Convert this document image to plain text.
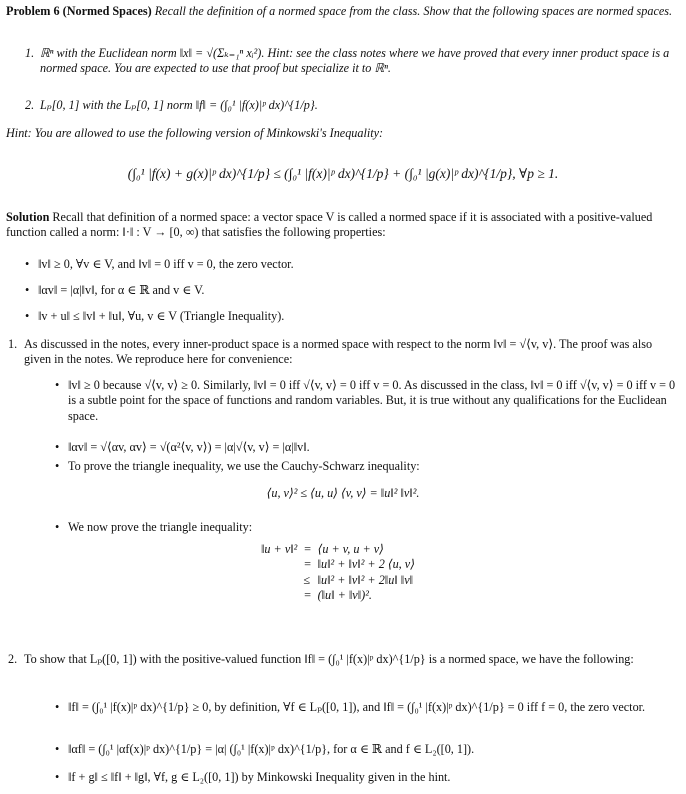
Problem 6 (Normed Spaces) Recall the definition of a normed space from the class. Show that the following spaces are normed spaces.
1. ℝⁿ with the Euclidean norm ‖x‖ = √(Σₖ₌₁ⁿ xᵢ²). Hint: see the class notes where we have proved that every inner product space is a normed space. You are expected to use that proof but specialize it to ℝⁿ.
2. Lₚ[0, 1] with the Lₚ[0, 1] norm ‖f‖ = (∫₀¹ |f(x)|ᵖ dx)^{1/p}.
Hint: You are allowed to use the following version of Minkowski's Inequality:
(∫₀¹ |f(x) + g(x)|ᵖ dx)^{1/p} ≤ (∫₀¹ |f(x)|ᵖ dx)^{1/p} + (∫₀¹ |g(x)|ᵖ dx)^{1/p}, ∀p ≥ 1.
Solution Recall that definition of a normed space: a vector space V is called a normed space if it is associated with a positive-valued function called a norm: ‖·‖ : V → [0, ∞) that satisfies the following properties:
• ‖v‖ ≥ 0, ∀v ∈ V, and ‖v‖ = 0 iff v = 0, the zero vector.
• ‖αv‖ = |α|‖v‖, for α ∈ ℝ and v ∈ V.
• ‖v + u‖ ≤ ‖v‖ + ‖u‖, ∀u, v ∈ V (Triangle Inequality).
1. As discussed in the notes, every inner-product space is a normed space with respect to the norm ‖v‖ = √⟨v, v⟩. The proof was also given in the notes. We reproduce here for convenience:
• ‖v‖ ≥ 0 because √⟨v, v⟩ ≥ 0. Similarly, ‖v‖ = 0 iff √⟨v, v⟩ = 0 iff v = 0. As discussed in the class, ‖v‖ = 0 iff √⟨v, v⟩ = 0 iff v = 0 is a subtle point for the space of functions and random variables. But, it is true without any qualifications for the Euclidean space.
• ‖αv‖ = √⟨αv, αv⟩ = √(α²⟨v, v⟩) = |α|√⟨v, v⟩ = |α|‖v‖.
• To prove the triangle inequality, we use the Cauchy-Schwarz inequality:
⟨u, v⟩² ≤ ⟨u, u⟩ ⟨v, v⟩ = ‖u‖² ‖v‖².
• We now prove the triangle inequality:
‖u + v‖²	=	⟨u + v, u + v⟩
	=	‖u‖² + ‖v‖² + 2 ⟨u, v⟩
	≤	‖u‖² + ‖v‖² + 2‖u‖ ‖v‖
	=	(‖u‖ + ‖v‖)².
2. To show that Lₚ([0, 1]) with the positive-valued function ‖f‖ = (∫₀¹ |f(x)|ᵖ dx)^{1/p} is a normed space, we have the following:
• ‖f‖ = (∫₀¹ |f(x)|ᵖ dx)^{1/p} ≥ 0, by definition, ∀f ∈ Lₚ([0, 1]), and ‖f‖ = (∫₀¹ |f(x)|ᵖ dx)^{1/p} = 0 iff f = 0, the zero vector.
• ‖αf‖ = (∫₀¹ |αf(x)|ᵖ dx)^{1/p} = |α| (∫₀¹ |f(x)|ᵖ dx)^{1/p}, for α ∈ ℝ and f ∈ L₂([0, 1]).
• ‖f + g‖ ≤ ‖f‖ + ‖g‖, ∀f, g ∈ L₂([0, 1]) by Minkowski Inequality given in the hint.
